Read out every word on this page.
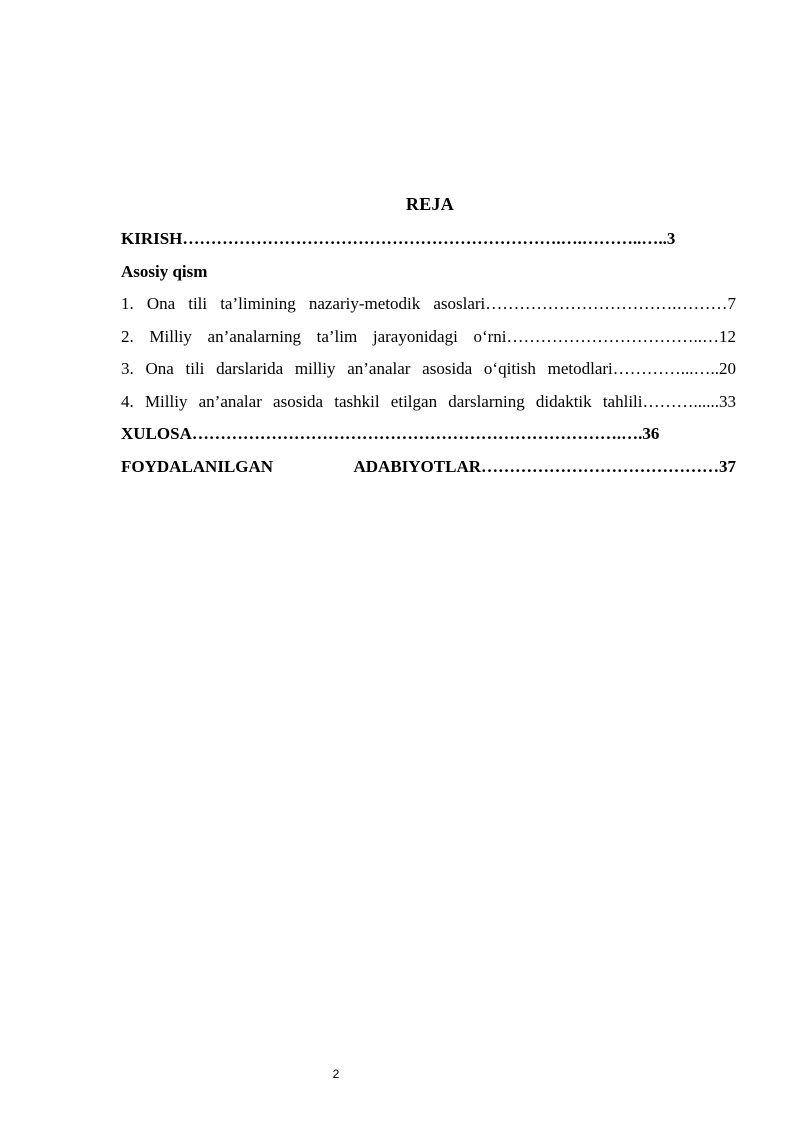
REJA
KIRISH………………………………………………………….….………..…..3
Asosiy qism
1. Ona tili ta’limining nazariy-metodik asoslari…………………………….………7
2. Milliy an’analarning ta’lim jarayonidagi o‘rni……………………………..…12
3. Ona tili darslarida milliy an’analar asosida o‘qitish metodlari…………...…..20
4. Milliy an’analar asosida tashkil etilgan darslarning didaktik tahlili………......33
XULOSA………………………………………………………………….….36
FOYDALANILGAN ADABIYOTLAR……………………………………37
2
